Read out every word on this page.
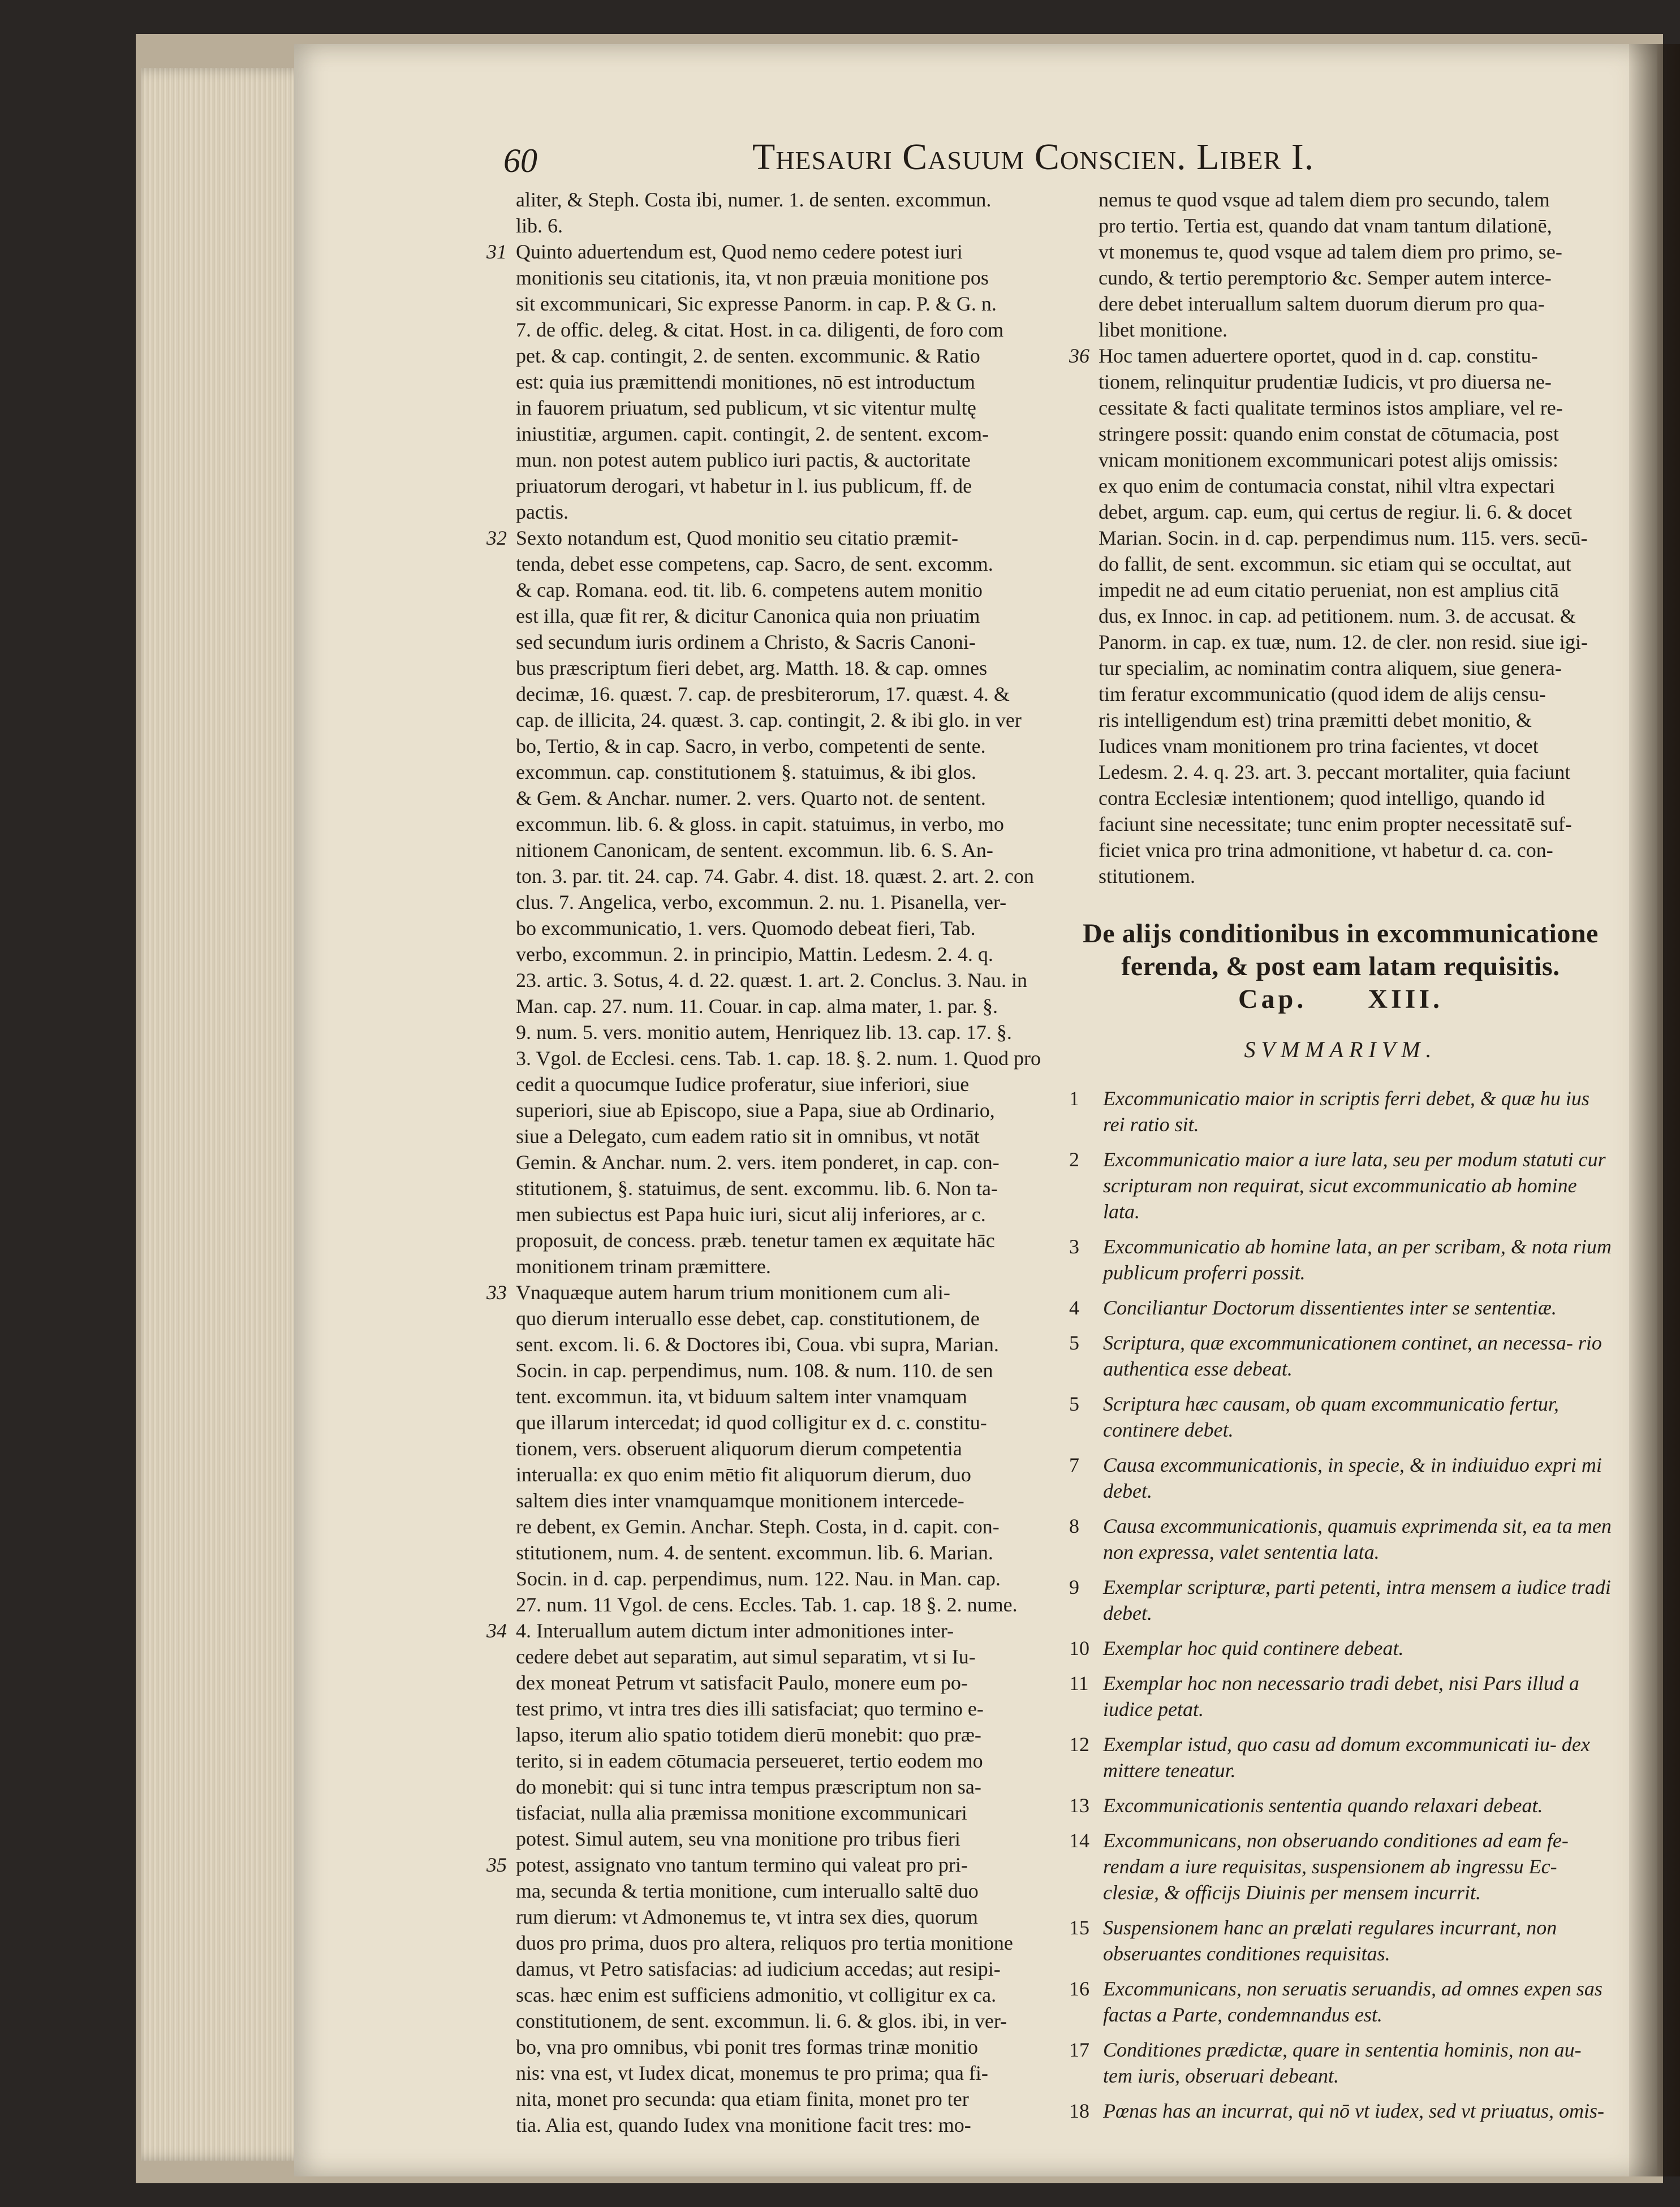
60	Thesauri Casuum Conscien. Liber I.
aliter, & Steph. Costa ibi, numer. 1. de senten. excommun.
lib. 6.
31 Quinto aduertendum est, Quod nemo cedere potest iuri
monitionis seu citationis, ita, vt non præuia monitione pos
sit excommunicari, Sic expresse Panorm. in cap. P. & G. n.
7. de offic. deleg. & citat. Host. in ca. diligenti, de foro com
pet. & cap. contingit, 2. de senten. excommunic. & Ratio
est: quia ius præmittendi monitiones, nō est introductum
in fauorem priuatum, sed publicum, vt sic vitentur multę
iniustitiæ, argumen. capit. contingit, 2. de sentent. excom-
mun. non potest autem publico iuri pactis, & auctoritate
priuatorum derogari, vt habetur in l. ius publicum, ff. de
pactis.
32 Sexto notandum est, Quod monitio seu citatio præmit-
tenda, debet esse competens, cap. Sacro, de sent. excomm.
& cap. Romana. eod. tit. lib. 6. competens autem monitio
est illa, quæ fit rer, & dicitur Canonica quia non priuatim
sed secundum iuris ordinem a Christo, & Sacris Canoni-
bus præscriptum fieri debet, arg. Matth. 18. & cap. omnes
decimæ, 16. quæst. 7. cap. de presbiterorum, 17. quæst. 4. &
cap. de illicita, 24. quæst. 3. cap. contingit, 2. & ibi glo. in ver
bo, Tertio, & in cap. Sacro, in verbo, competenti de sente.
excommun. cap. constitutionem §. statuimus, & ibi glos.
& Gem. & Anchar. numer. 2. vers. Quarto not. de sentent.
excommun. lib. 6. & gloss. in capit. statuimus, in verbo, mo
nitionem Canonicam, de sentent. excommun. lib. 6. S. An-
ton. 3. par. tit. 24. cap. 74. Gabr. 4. dist. 18. quæst. 2. art. 2. con
clus. 7. Angelica, verbo, excommun. 2. nu. 1. Pisanella, ver-
bo excommunicatio, 1. vers. Quomodo debeat fieri, Tab.
verbo, excommun. 2. in principio, Mattin. Ledesm. 2. 4. q.
23. artic. 3. Sotus, 4. d. 22. quæst. 1. art. 2. Conclus. 3. Nau. in
Man. cap. 27. num. 11. Couar. in cap. alma mater, 1. par. §.
9. num. 5. vers. monitio autem, Henriquez lib. 13. cap. 17. §.
3. Vgol. de Ecclesi. cens. Tab. 1. cap. 18. §. 2. num. 1. Quod pro
cedit a quocumque Iudice proferatur, siue inferiori, siue
superiori, siue ab Episcopo, siue a Papa, siue ab Ordinario,
siue a Delegato, cum eadem ratio sit in omnibus, vt notāt
Gemin. & Anchar. num. 2. vers. item ponderet, in cap. con-
stitutionem, §. statuimus, de sent. excommu. lib. 6. Non ta-
men subiectus est Papa huic iuri, sicut alij inferiores, ar c.
proposuit, de concess. præb. tenetur tamen ex æquitate hāc
monitionem trinam præmittere.
33 Vnaquæque autem harum trium monitionem cum ali-
quo dierum interuallo esse debet, cap. constitutionem, de
sent. excom. li. 6. & Doctores ibi, Coua. vbi supra, Marian.
Socin. in cap. perpendimus, num. 108. & num. 110. de sen
tent. excommun. ita, vt biduum saltem inter vnamquam
que illarum intercedat; id quod colligitur ex d. c. constitu-
tionem, vers. obseruent aliquorum dierum competentia
interualla: ex quo enim mētio fit aliquorum dierum, duo
saltem dies inter vnamquamque monitionem intercede-
re debent, ex Gemin. Anchar. Steph. Costa, in d. capit. con-
stitutionem, num. 4. de sentent. excommun. lib. 6. Marian.
Socin. in d. cap. perpendimus, num. 122. Nau. in Man. cap.
27. num. 11 Vgol. de cens. Eccles. Tab. 1. cap. 18 §. 2. nume.
34 4. Interuallum autem dictum inter admonitiones inter-
cedere debet aut separatim, aut simul separatim, vt si Iu-
dex moneat Petrum vt satisfacit Paulo, monere eum po-
test primo, vt intra tres dies illi satisfaciat; quo termino e-
lapso, iterum alio spatio totidem dierū monebit: quo præ-
terito, si in eadem cōtumacia perseueret, tertio eodem mo
do monebit: qui si tunc intra tempus præscriptum non sa-
tisfaciat, nulla alia præmissa monitione excommunicari
potest. Simul autem, seu vna monitione pro tribus fieri
35 potest, assignato vno tantum termino qui valeat pro pri-
ma, secunda & tertia monitione, cum interuallo saltē duo
rum dierum: vt Admonemus te, vt intra sex dies, quorum
duos pro prima, duos pro altera, reliquos pro tertia monitione
damus, vt Petro satisfacias: ad iudicium accedas; aut resipi-
scas. hæc enim est sufficiens admonitio, vt colligitur ex ca.
constitutionem, de sent. excommun. li. 6. & glos. ibi, in ver-
bo, vna pro omnibus, vbi ponit tres formas trinæ monitio
nis: vna est, vt Iudex dicat, monemus te pro prima; qua fi-
nita, monet pro secunda: qua etiam finita, monet pro ter
tia. Alia est, quando Iudex vna monitione facit tres: mo-
nemus te quod vsque ad talem diem pro secundo, talem
pro tertio. Tertia est, quando dat vnam tantum dilationē,
vt monemus te, quod vsque ad talem diem pro primo, se-
cundo, & tertio peremptorio &c. Semper autem interce-
dere debet interuallum saltem duorum dierum pro qua-
libet monitione.
36 Hoc tamen aduertere oportet, quod in d. cap. constitu-
tionem, relinquitur prudentiæ Iudicis, vt pro diuersa ne-
cessitate & facti qualitate terminos istos ampliare, vel re-
stringere possit: quando enim constat de cōtumacia, post
vnicam monitionem excommunicari potest alijs omissis:
ex quo enim de contumacia constat, nihil vltra expectari
debet, argum. cap. eum, qui certus de regiur. li. 6. & docet
Marian. Socin. in d. cap. perpendimus num. 115. vers. secū-
do fallit, de sent. excommun. sic etiam qui se occultat, aut
impedit ne ad eum citatio perueniat, non est amplius citā
dus, ex Innoc. in cap. ad petitionem. num. 3. de accusat. &
Panorm. in cap. ex tuæ, num. 12. de cler. non resid. siue igi-
tur specialim, ac nominatim contra aliquem, siue genera-
tim feratur excommunicatio (quod idem de alijs censu-
ris intelligendum est) trina præmitti debet monitio, &
Iudices vnam monitionem pro trina facientes, vt docet
Ledesm. 2. 4. q. 23. art. 3. peccant mortaliter, quia faciunt
contra Ecclesiæ intentionem; quod intelligo, quando id
faciunt sine necessitate; tunc enim propter necessitatē suf-
ficiet vnica pro trina admonitione, vt habetur d. ca. con-
stitutionem.
De alijs conditionibus in excommunicatione
ferenda, & post eam latam requisitis.
Cap. XIII.
SVMMARIVM.
1 Excommunicatio maior in scriptis ferri debet, & quæ hu ius rei ratio sit.
2 Excommunicatio maior a iure lata, seu per modum statuti cur scripturam non requirat, sicut excommunicatio ab homine lata.
3 Excommunicatio ab homine lata, an per scribam, & nota rium publicum proferri possit.
4 Conciliantur Doctorum dissentientes inter se sententiæ.
5 Scriptura, quæ excommunicationem continet, an necessa- rio authentica esse debeat.
5 Scriptura hæc causam, ob quam excommunicatio fertur, continere debet.
7 Causa excommunicationis, in specie, & in indiuiduo expri mi debet.
8 Causa excommunicationis, quamuis exprimenda sit, ea ta men non expressa, valet sententia lata.
9 Exemplar scripturæ, parti petenti, intra mensem a iudice tradi debet.
10 Exemplar hoc quid continere debeat.
11 Exemplar hoc non necessario tradi debet, nisi Pars illud a iudice petat.
12 Exemplar istud, quo casu ad domum excommunicati iu- dex mittere teneatur.
13 Excommunicationis sententia quando relaxari debeat.
14 Excommunicans, non obseruando conditiones ad eam fe- rendam a iure requisitas, suspensionem ab ingressu Ec- clesiæ, & officijs Diuinis per mensem incurrit.
15 Suspensionem hanc an prælati regulares incurrant, non obseruantes conditiones requisitas.
16 Excommunicans, non seruatis seruandis, ad omnes expen sas factas a Parte, condemnandus est.
17 Conditiones prædictæ, quare in sententia hominis, non au- tem iuris, obseruari debeant.
18 Pœnas has an incurrat, qui nō vt iudex, sed vt priuatus, omis-
